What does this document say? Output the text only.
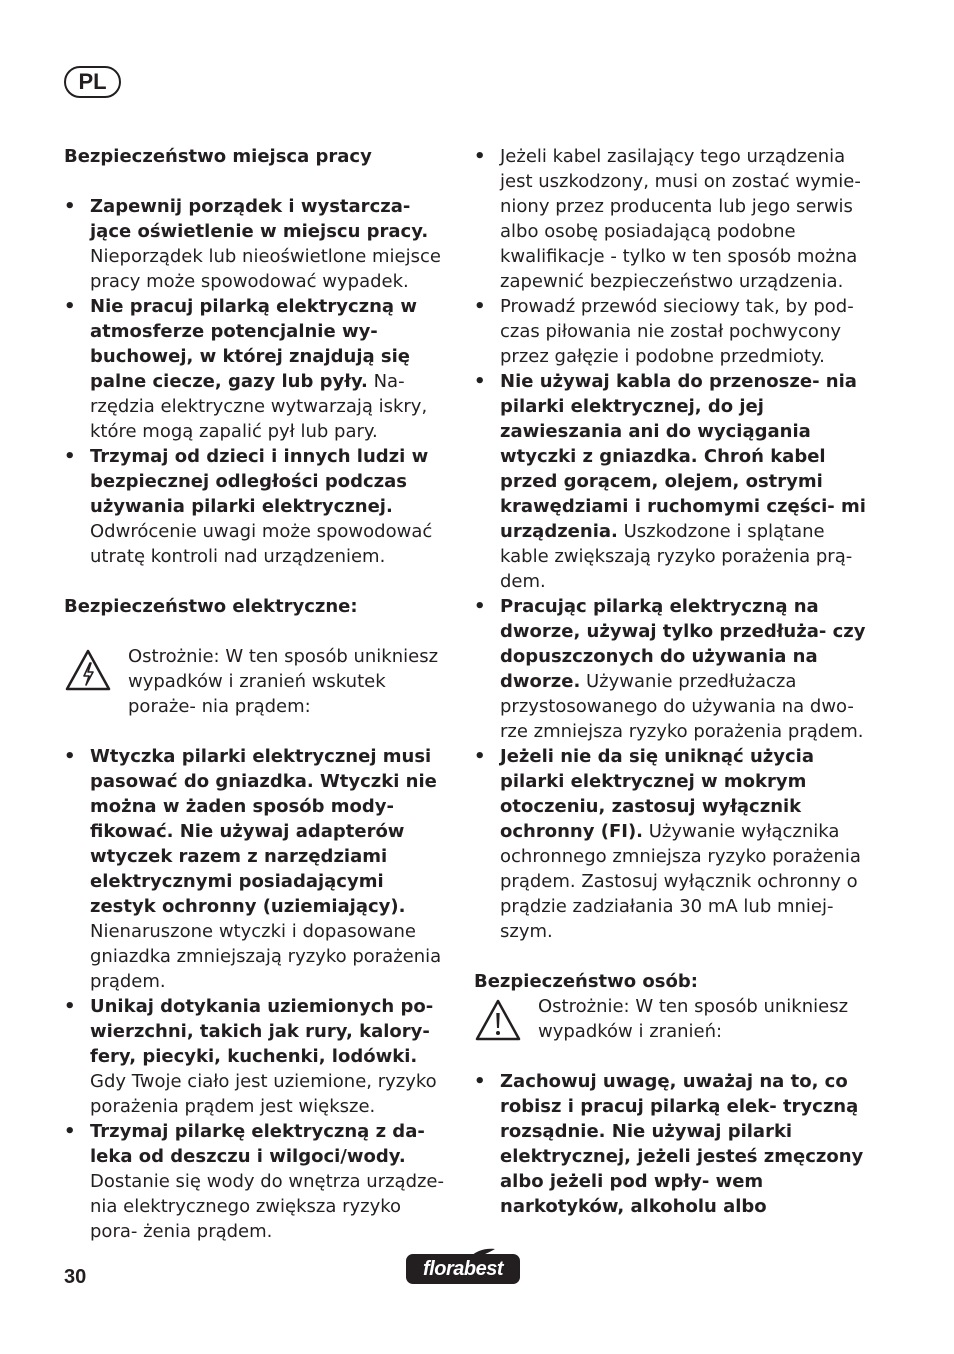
PL

Bezpieczeństwo miejsca pracy

• Zapewnij porządek i wystarcza- jące oświetlenie w miejscu pracy. Nieporządek lub nieoświetlone miejsce pracy może spowodować wypadek.

• Nie pracuj pilarką elektryczną w atmosferze potencjalnie wy- buchowej, w której znajdują się palne ciecze, gazy lub pyły. Na- rzędzia elektryczne wytwarzają iskry, które mogą zapalić pył lub pary.

• Trzymaj od dzieci i innych ludzi w bezpiecznej odległości podczas używania pilarki elektrycznej. Odwrócenie uwagi może spowodować utratę kontroli nad urządzeniem.

Bezpieczeństwo elektryczne:

Ostrożnie: W ten sposób unikniesz wypadków i zranień wskutek poraże- nia prądem:

• Wtyczka pilarki elektrycznej musi pasować do gniazdka. Wtyczki nie można w żaden sposób mody- fikować. Nie używaj adapterów wtyczek razem z narzędziami elektrycznymi posiadającymi zestyk ochronny (uziemiający). Nienaruszone wtyczki i dopasowane gniazdka zmniejszają ryzyko porażenia prądem.

• Unikaj dotykania uziemionych po- wierzchni, takich jak rury, kalory- fery, piecyki, kuchenki, lodówki. Gdy Twoje ciało jest uziemione, ryzyko porażenia prądem jest większe.

• Trzymaj pilarkę elektryczną z da- leka od deszczu i wilgoci/wody. Dostanie się wody do wnętrza urządze- nia elektrycznego zwiększa ryzyko pora- żenia prądem.

• Jeżeli kabel zasilający tego urządzenia jest uszkodzony, musi on zostać wymie- niony przez producenta lub jego serwis albo osobę posiadającą podobne kwalifikacje - tylko w ten sposób można zapewnić bezpieczeństwo urządzenia.

• Prowadź przewód sieciowy tak, by pod- czas piłowania nie został pochwycony przez gałęzie i podobne przedmioty.

• Nie używaj kabla do przenosze- nia pilarki elektrycznej, do jej zawieszania ani do wyciągania wtyczki z gniazdka. Chroń kabel przed gorącem, olejem, ostrymi krawędziami i ruchomymi części- mi urządzenia. Uszkodzone i splątane kable zwiększają ryzyko porażenia prą- dem.

• Pracując pilarką elektryczną na dworze, używaj tylko przedłuża- czy dopuszczonych do używania na dworze. Używanie przedłużacza przystosowanego do używania na dwo- rze zmniejsza ryzyko porażenia prądem.

• Jeżeli nie da się uniknąć użycia pilarki elektrycznej w mokrym otoczeniu, zastosuj wyłącznik ochronny (FI). Używanie wyłącznika ochronnego zmniejsza ryzyko porażenia prądem. Zastosuj wyłącznik ochronny o prądzie zadziałania 30 mA lub mniej- szym.

Bezpieczeństwo osób:

Ostrożnie: W ten sposób unikniesz wypadków i zranień:

• Zachowuj uwagę, uważaj na to, co robisz i pracuj pilarką elek- tryczną rozsądnie. Nie używaj pilarki elektrycznej, jeżeli jesteś zmęczony albo jeżeli pod wpły- wem narkotyków, alkoholu albo

30	florabest
